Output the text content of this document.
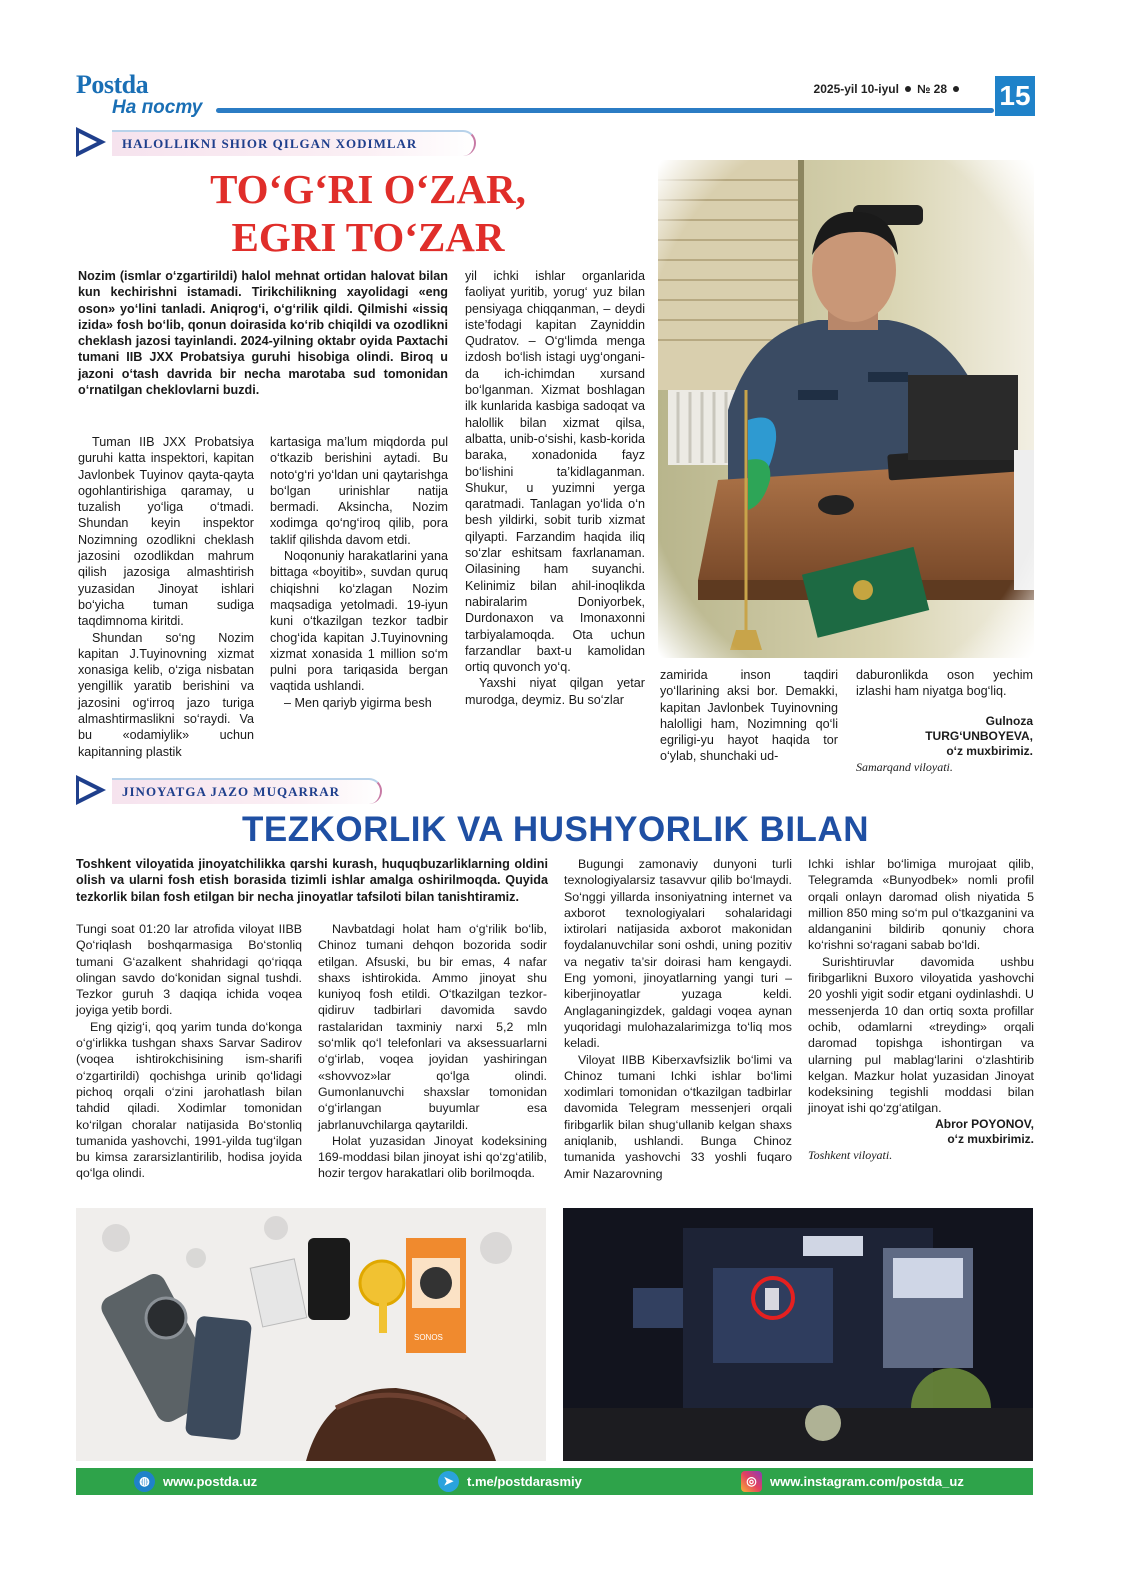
Postda
На посту
2025-yil 10-iyul № 28	15
HALOLLIKNI SHIOR QILGAN XODIMLAR
TO‘G‘RI O‘ZAR,
EGRI TO‘ZAR
Nozim (ismlar o‘zgartirildi) halol mehnat ortidan halovat bilan kun kechirishni istamadi. Tirikchilikning xayolidagi «eng oson» yo‘lini tanladi. Aniqrog‘i, o‘g‘rilik qildi. Qilmishi «issiq izida» fosh bo‘lib, qonun doirasida ko‘rib chiqildi va ozodlikni cheklash jazosi tayinlandi. 2024-yilning oktabr oyida Paxtachi tumani IIB JXX Probatsiya guruhi hisobiga olindi. Biroq u jazoni o‘tash davrida bir necha marotaba sud tomonidan o‘rnatilgan cheklovlarni buzdi.

Tuman IIB JXX Probatsiya guruhi katta inspektori, kapitan Javlonbek Tuyinov qayta-qayta ogohlantirishiga qaramay, u tuzalish yo‘liga o‘tmadi. Shundan keyin inspektor Nozimning ozodlikni cheklash jazosini ozodlikdan mahrum qilish jazosiga almashtirish yuzasidan Jinoyat ishlari bo‘yicha tuman sudiga taqdimnoma kiritdi.

Shundan so‘ng Nozim kapitan J.Tuyinovning xizmat xonasiga kelib, o‘ziga nisbatan yengillik yaratib berishini va jazosini og‘irroq jazo turiga almashtirmaslikni so‘raydi. Va bu «odamiylik» uchun kapitanning plastik

kartasiga ma’lum miqdorda pul o‘tkazib berishini aytadi. Bu noto‘g‘ri yo‘ldan uni qaytarishga bo‘lgan urinishlar natija bermadi. Aksincha, Nozim xodimga qo‘ng‘iroq qilib, pora taklif qilishda davom etdi.

Noqonuniy harakatlarini yana bittaga «boyitib», suvdan quruq chiqishni ko‘zlagan Nozim maqsadiga yetolmadi. 19-iyun kuni o‘tkazilgan tezkor tadbir chog‘ida kapitan J.Tuyinovning xizmat xonasida 1 million so‘m pulni pora tariqasida bergan vaqtida ushlandi.

– Men qariyb yigirma besh

yil ichki ishlar organlarida faoliyat yuritib, yorug‘ yuz bilan pensiyaga chiqqanman, – deydi iste’fodagi kapitan Zayniddin Qudratov. – O‘g‘limda menga izdosh bo‘lish istagi uyg‘onganida ich-ichimdan xursand bo‘lganman. Xizmat boshlagan ilk kunlarida kasbiga sadoqat va halollik bilan xizmat qilsa, albatta, unib-o‘sishi, kasb-korida baraka, xonadonida fayz bo‘lishini ta’kidlaganman. Shukur, u yuzimni yerga qaratmadi. Tanlagan yo‘lida o‘n besh yildirki, sobit turib xizmat qilyapti. Farzandim haqida iliq so‘zlar eshitsam faxrlanaman. Oilasining ham suyanchi. Kelinimiz bilan ahil-inoqlikda nabiralarim Doniyorbek, Durdonaxon va Imonaxonni tarbiyalamoqda. Ota uchun farzandlar baxt-u kamolidan ortiq quvonch yo‘q.

Yaxshi niyat qilgan yetar murodga, deymiz. Bu so‘zlar

zamirida inson taqdiri yo‘llarining aksi bor. Demakki, kapitan Javlonbek Tuyinovning halolligi ham, Nozimning qo‘li egriligi-yu hayot haqida tor o‘ylab, shunchaki ud-

daburonlikda oson yechim izlashi ham niyatga bog‘liq.

Gulnoza
TURG‘UNBOYEVA,
o‘z muxbirimiz.
Samarqand viloyati.
JINOYATGA JAZO MUQARRAR
TEZKORLIK VA HUSHYORLIK BILAN
Toshkent viloyatida jinoyatchilikka qarshi kurash, huquqbuzarliklarning oldini olish va ularni fosh etish borasida tizimli ishlar amalga oshirilmoqda. Quyida tezkorlik bilan fosh etilgan bir necha jinoyatlar tafsiloti bilan tanishtiramiz.

Tungi soat 01:20 lar atrofida viloyat IIBB Qo‘riqlash boshqarmasiga Bo‘stonliq tumani G‘azalkent shahridagi qo‘riqqa olingan savdo do‘konidan signal tushdi. Tezkor guruh 3 daqiqa ichida voqea joyiga yetib bordi.

Eng qizig‘i, qoq yarim tunda do‘konga o‘g‘irlikka tushgan shaxs Sarvar Sadirov (voqea ishtirokchisining ism-sharifi o‘zgartirildi) qochishga urinib qo‘lidagi pichoq orqali o‘zini jarohatlash bilan tahdid qiladi. Xodimlar tomonidan ko‘rilgan choralar natijasida Bo‘stonliq tumanida yashovchi, 1991-yilda tug‘ilgan bu kimsa zararsizlantirilib, hodisa joyida qo‘lga olindi.

Navbatdagi holat ham o‘g‘rilik bo‘lib, Chinoz tumani dehqon bozorida sodir etilgan. Afsuski, bu bir emas, 4 nafar shaxs ishtirokida. Ammo jinoyat shu kuniyoq fosh etildi. O‘tkazilgan tezkor-qidiruv tadbirlari davomida savdo rastalaridan taxminiy narxi 5,2 mln so‘mlik qo‘l telefonlari va aksessuarlarni o‘g‘irlab, voqea joyidan yashiringan «shovvoz»lar qo‘lga olindi. Gumonlanuvchi shaxslar tomonidan o‘g‘irlangan buyumlar esa jabrlanuvchilarga qaytarildi.

Holat yuzasidan Jinoyat kodeksining 169-moddasi bilan jinoyat ishi qo‘zg‘atilib, hozir tergov harakatlari olib borilmoqda.

Bugungi zamonaviy dunyoni turli texnologiyalarsiz tasavvur qilib bo‘lmaydi. So‘nggi yillarda insoniyatning internet va axborot texnologiyalari sohalaridagi ixtirolari natijasida axborot makonidan foydalanuvchilar soni oshdi, uning pozitiv va negativ ta’sir doirasi ham kengaydi. Eng yomoni, jinoyatlarning yangi turi – kiberjinoyatlar yuzaga keldi. Anglaganingizdek, galdagi voqea aynan yuqoridagi mulohazalarimizga to‘liq mos keladi.

Viloyat IIBB Kiberxavfsizlik bo‘limi va Chinoz tumani Ichki ishlar bo‘limi xodimlari tomonidan o‘tkazilgan tadbirlar davomida Telegram messenjeri orqali firibgarlik bilan shug‘ullanib kelgan shaxs aniqlanib, ushlandi. Bunga Chinoz tumanida yashovchi 33 yoshli fuqaro Amir Nazarovning

Ichki ishlar bo‘limiga murojaat qilib, Telegramda «Bunyodbek» nomli profil orqali onlayn daromad olish niyatida 5 million 850 ming so‘m pul o‘tkazganini va aldanganini bildirib qonuniy chora ko‘rishni so‘ragani sabab bo‘ldi.

Surishtiruvlar davomida ushbu firibgarlikni Buxoro viloyatida yashovchi 20 yoshli yigit sodir etgani oydinlashdi. U messenjerda 10 dan ortiq soxta profillar ochib, odamlarni «treyding» orqali daromad topishga ishontirgan va ularning pul mablag‘larini o‘zlashtirib kelgan. Mazkur holat yuzasidan Jinoyat kodeksining tegishli moddasi bilan jinoyat ishi qo‘zg‘atilgan.

Abror POYONOV,
o‘z muxbirimiz.
Toshkent viloyati.
SONOS
◍ www.postda.uz	➤ t.me/postdarasmiy	◎ www.instagram.com/postda_uz
